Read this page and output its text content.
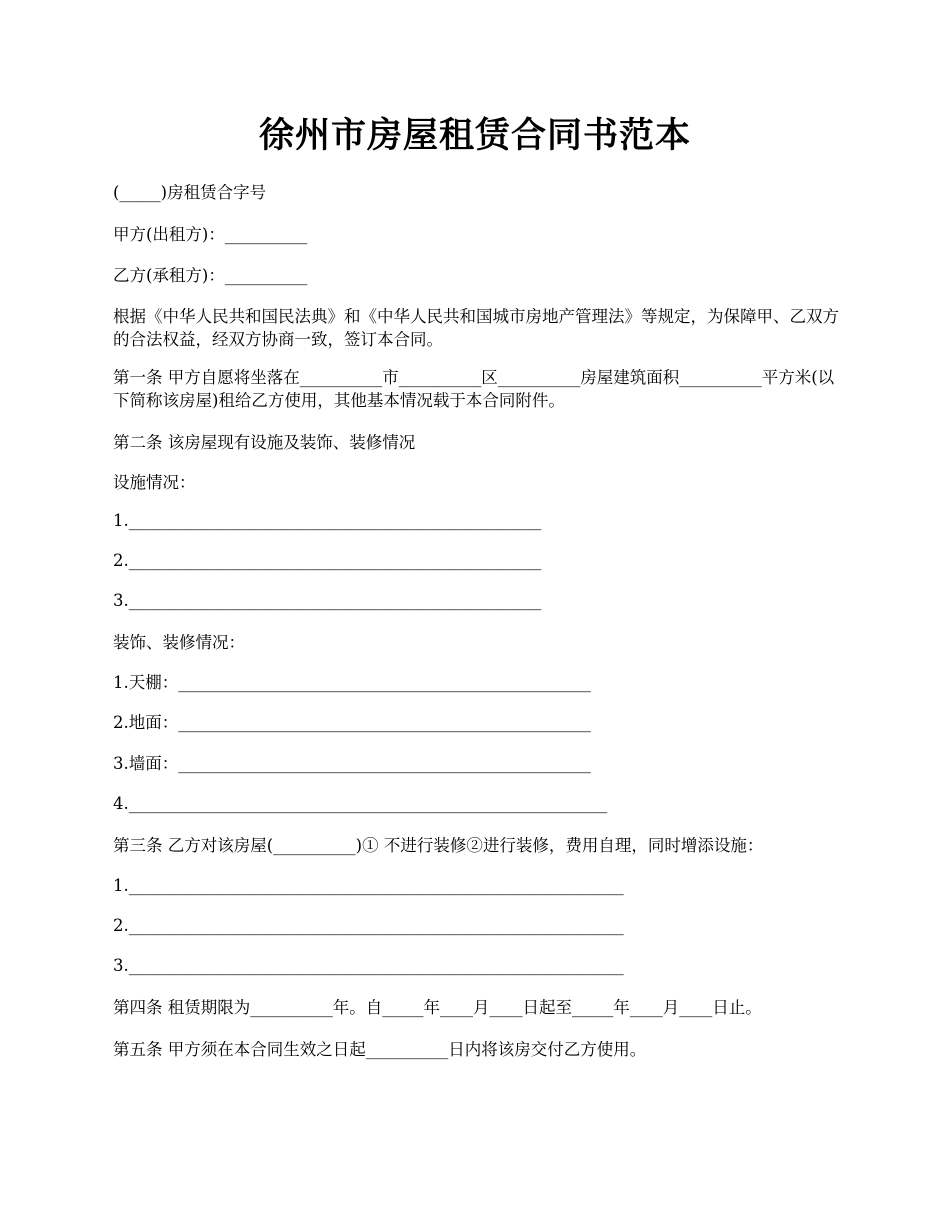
徐州市房屋租赁合同书范本
(_____)房租赁合字号
甲方(出租方)：__________
乙方(承租方)：__________
根据《中华人民共和国民法典》和《中华人民共和国城市房地产管理法》等规定，为保障甲、乙双方的合法权益，经双方协商一致，签订本合同。
第一条 甲方自愿将坐落在__________市__________区__________房屋建筑面积__________平方米(以下简称该房屋)租给乙方使用，其他基本情况载于本合同附件。
第二条 该房屋现有设施及装饰、装修情况
设施情况：
1.__________________________________________________
2.__________________________________________________
3.__________________________________________________
装饰、装修情况：
1.天棚：__________________________________________________
2.地面：__________________________________________________
3.墙面：__________________________________________________
4.__________________________________________________________
第三条 乙方对该房屋(__________)① 不进行装修②进行装修，费用自理，同时增添设施：
1.____________________________________________________________
2.____________________________________________________________
3.____________________________________________________________
第四条 租赁期限为__________年。自_____年____月____日起至_____年____月____日止。
第五条 甲方须在本合同生效之日起__________日内将该房交付乙方使用。
